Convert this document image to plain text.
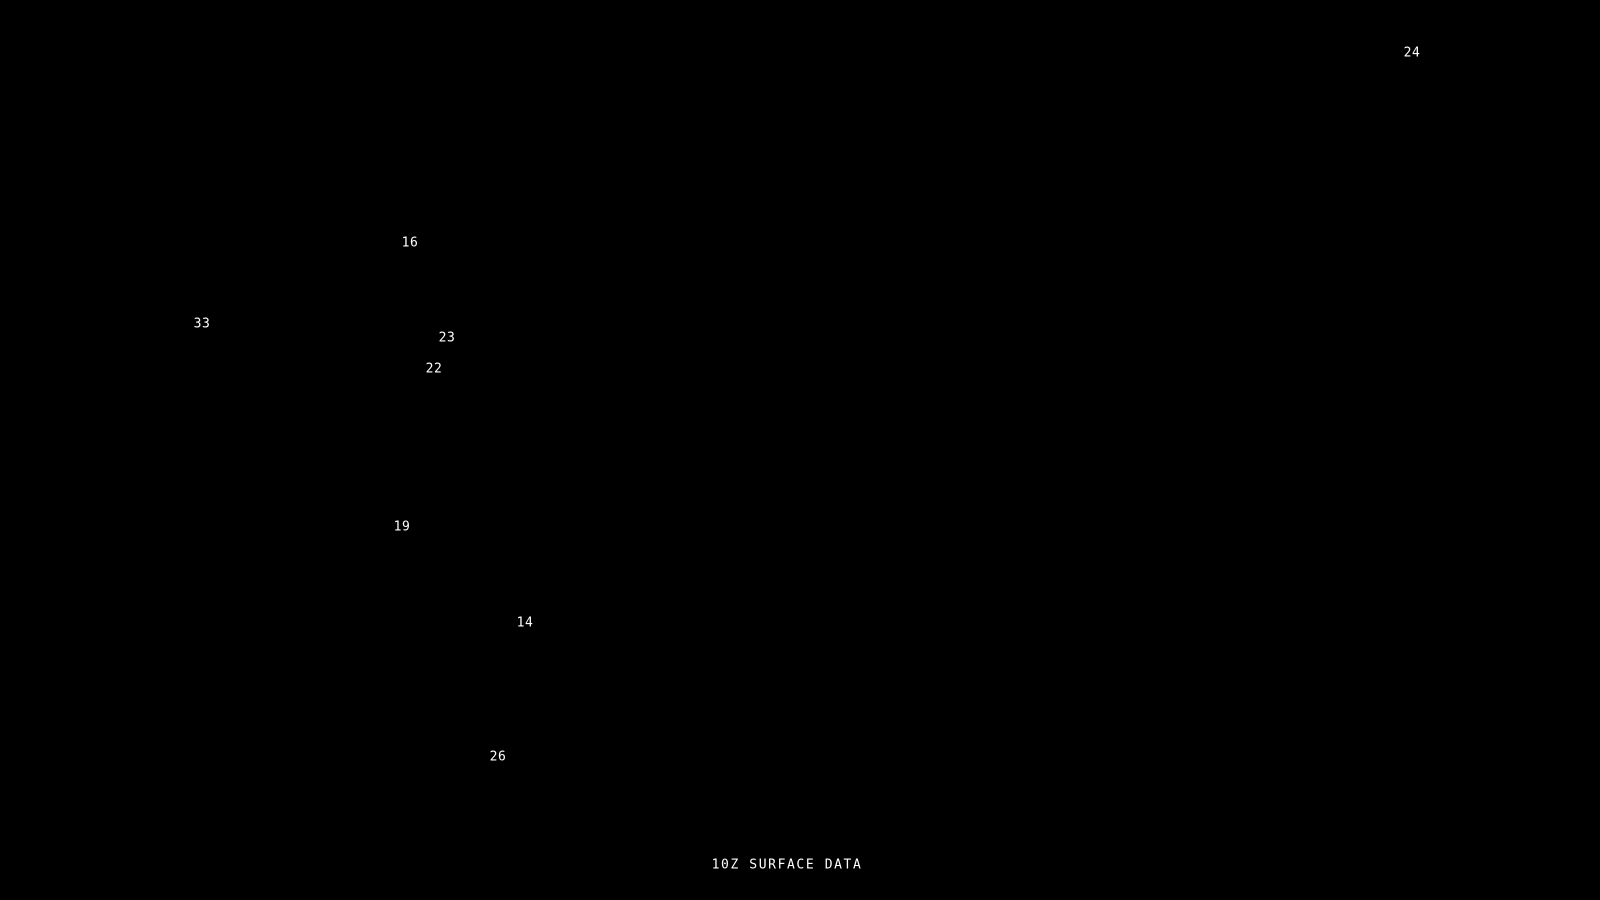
24
16
33
23
22
19
14
26
10Z SURFACE DATA
